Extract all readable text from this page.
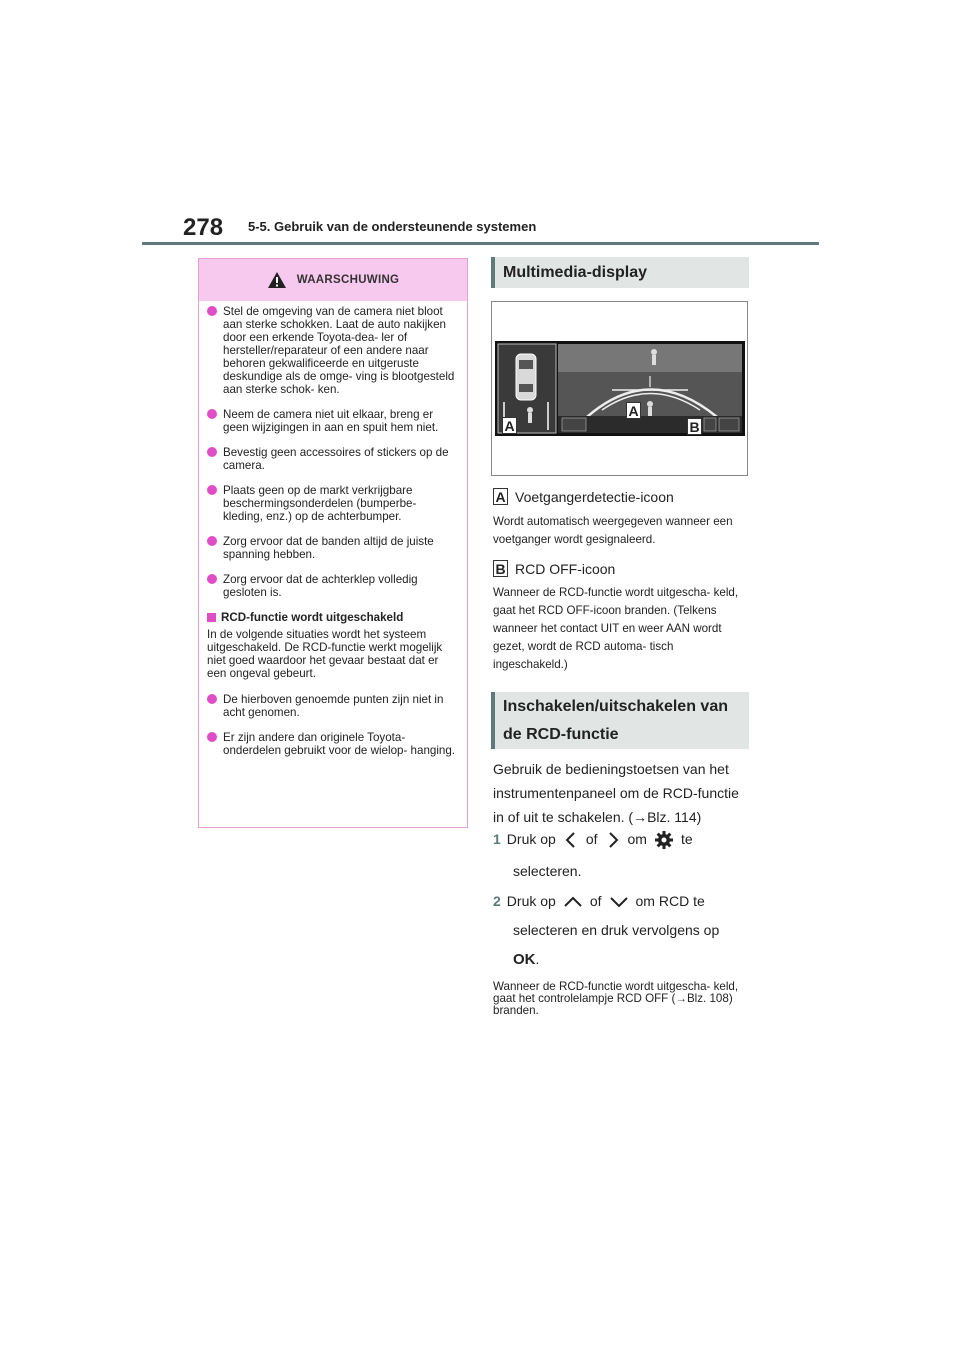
278 5-5. Gebruik van de ondersteunende systemen
WAARSCHUWING
Stel de omgeving van de camera niet bloot aan sterke schokken. Laat de auto nakijken door een erkende Toyota-dea- ler of hersteller/reparateur of een andere naar behoren gekwalificeerde en uitgeruste deskundige als de omge- ving is blootgesteld aan sterke schok- ken.
Neem de camera niet uit elkaar, breng er geen wijzigingen in aan en spuit hem niet.
Bevestig geen accessoires of stickers op de camera.
Plaats geen op de markt verkrijgbare beschermingsonderdelen (bumperbe- kleding, enz.) op de achterbumper.
Zorg ervoor dat de banden altijd de juiste spanning hebben.
Zorg ervoor dat de achterklep volledig gesloten is.
RCD-functie wordt uitgeschakeld
In de volgende situaties wordt het systeem uitgeschakeld. De RCD-functie werkt mogelijk niet goed waardoor het gevaar bestaat dat er een ongeval gebeurt.
De hierboven genoemde punten zijn niet in acht genomen.
Er zijn andere dan originele Toyota- onderdelen gebruikt voor de wielop- hanging.
Multimedia-display
A
A
B
A Voetgangerdetectie-icoon
Wordt automatisch weergegeven wanneer een voetganger wordt gesignaleerd.
B RCD OFF-icoon
Wanneer de RCD-functie wordt uitgescha- keld, gaat het RCD OFF-icoon branden. (Telkens wanneer het contact UIT en weer AAN wordt gezet, wordt de RCD automa- tisch ingeschakeld.)
Inschakelen/uitschakelen van
de RCD-functie
Gebruik de bedieningstoetsen van het
instrumentenpaneel om de RCD-functie
in of uit te schakelen. (→Blz. 114)
1 Druk op of om te
selecteren.
2 Druk op of om RCD te
selecteren en druk vervolgens op
OK.
Wanneer de RCD-functie wordt uitgescha- keld, gaat het controlelampje RCD OFF (→Blz. 108) branden.
